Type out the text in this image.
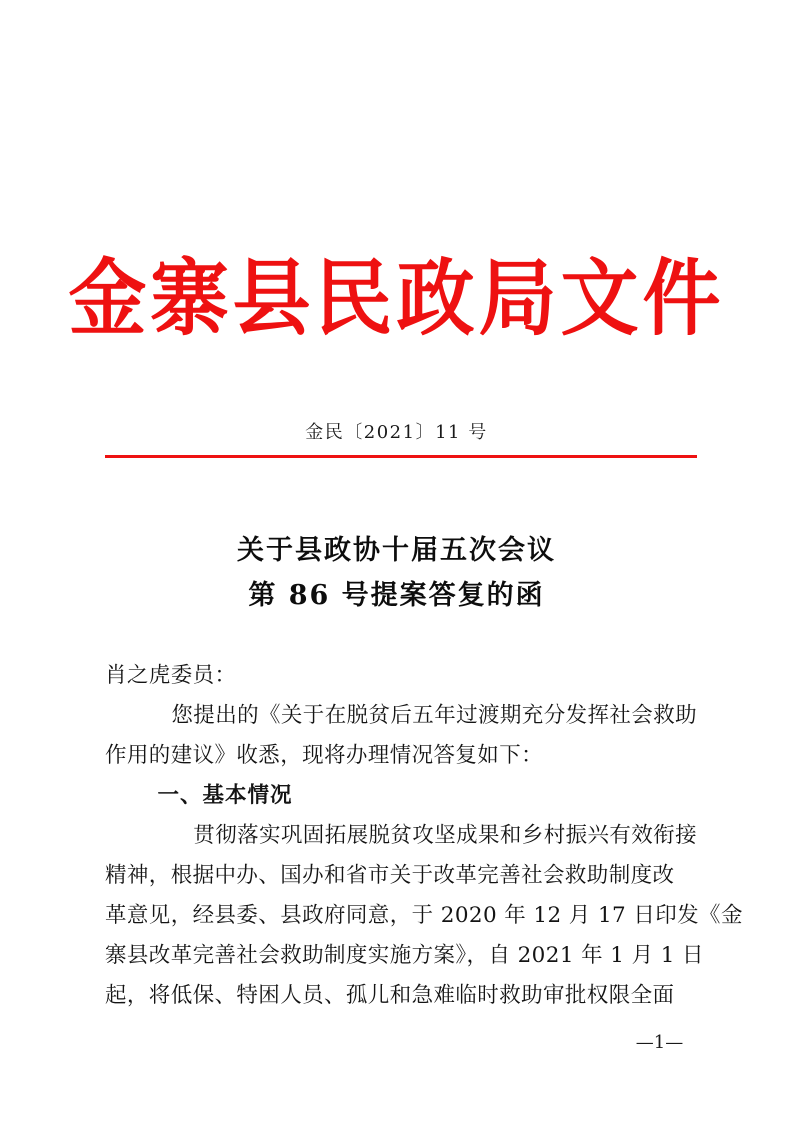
金寨县民政局文件
金民〔2021〕11 号
关于县政协十届五次会议
第 86 号提案答复的函
肖之虎委员：
您提出的《关于在脱贫后五年过渡期充分发挥社会救助
作用的建议》收悉，现将办理情况答复如下：
一、基本情况
贯彻落实巩固拓展脱贫攻坚成果和乡村振兴有效衔接
精神，根据中办、国办和省市关于改革完善社会救助制度改
革意见，经县委、县政府同意，于 2020 年 12 月 17 日印发《金
寨县改革完善社会救助制度实施方案》，自 2021 年 1 月 1 日
起，将低保、特困人员、孤儿和急难临时救助审批权限全面
—1—
